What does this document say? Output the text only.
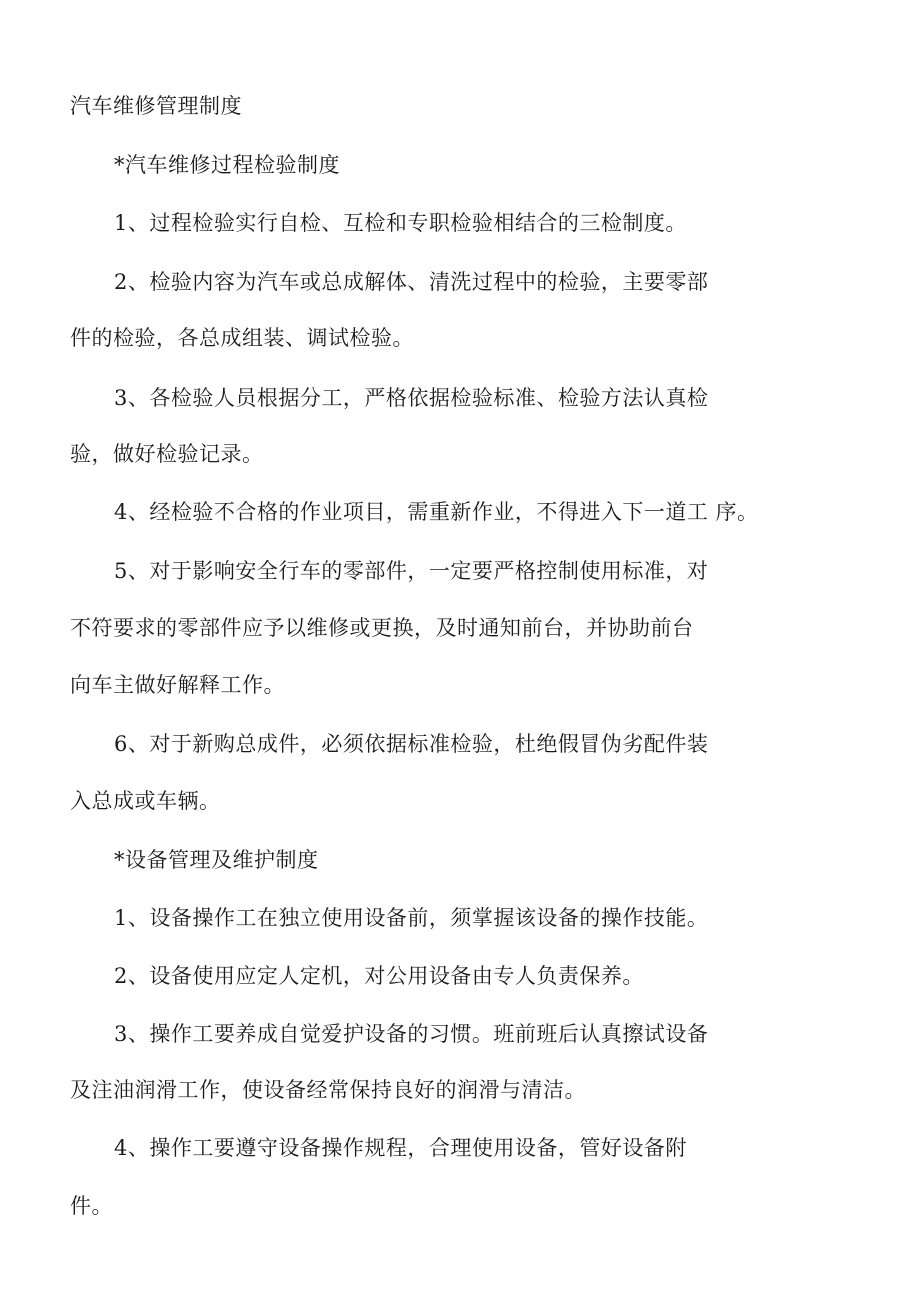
汽车维修管理制度
*汽车维修过程检验制度
1、过程检验实行自检、互检和专职检验相结合的三检制度。
2、检验内容为汽车或总成解体、清洗过程中的检验，主要零部
件的检验，各总成组装、调试检验。
3、各检验人员根据分工，严格依据检验标准、检验方法认真检
验，做好检验记录。
4、经检验不合格的作业项目，需重新作业，不得进入下一道工 序。
5、对于影响安全行车的零部件，一定要严格控制使用标准，对
不符要求的零部件应予以维修或更换，及时通知前台，并协助前台
向车主做好解释工作。
6、对于新购总成件，必须依据标准检验，杜绝假冒伪劣配件装
入总成或车辆。
*设备管理及维护制度
1、设备操作工在独立使用设备前，须掌握该设备的操作技能。
2、设备使用应定人定机，对公用设备由专人负责保养。
3、操作工要养成自觉爱护设备的习惯。班前班后认真擦试设备
及注油润滑工作，使设备经常保持良好的润滑与清洁。
4、操作工要遵守设备操作规程，合理使用设备，管好设备附
件。
